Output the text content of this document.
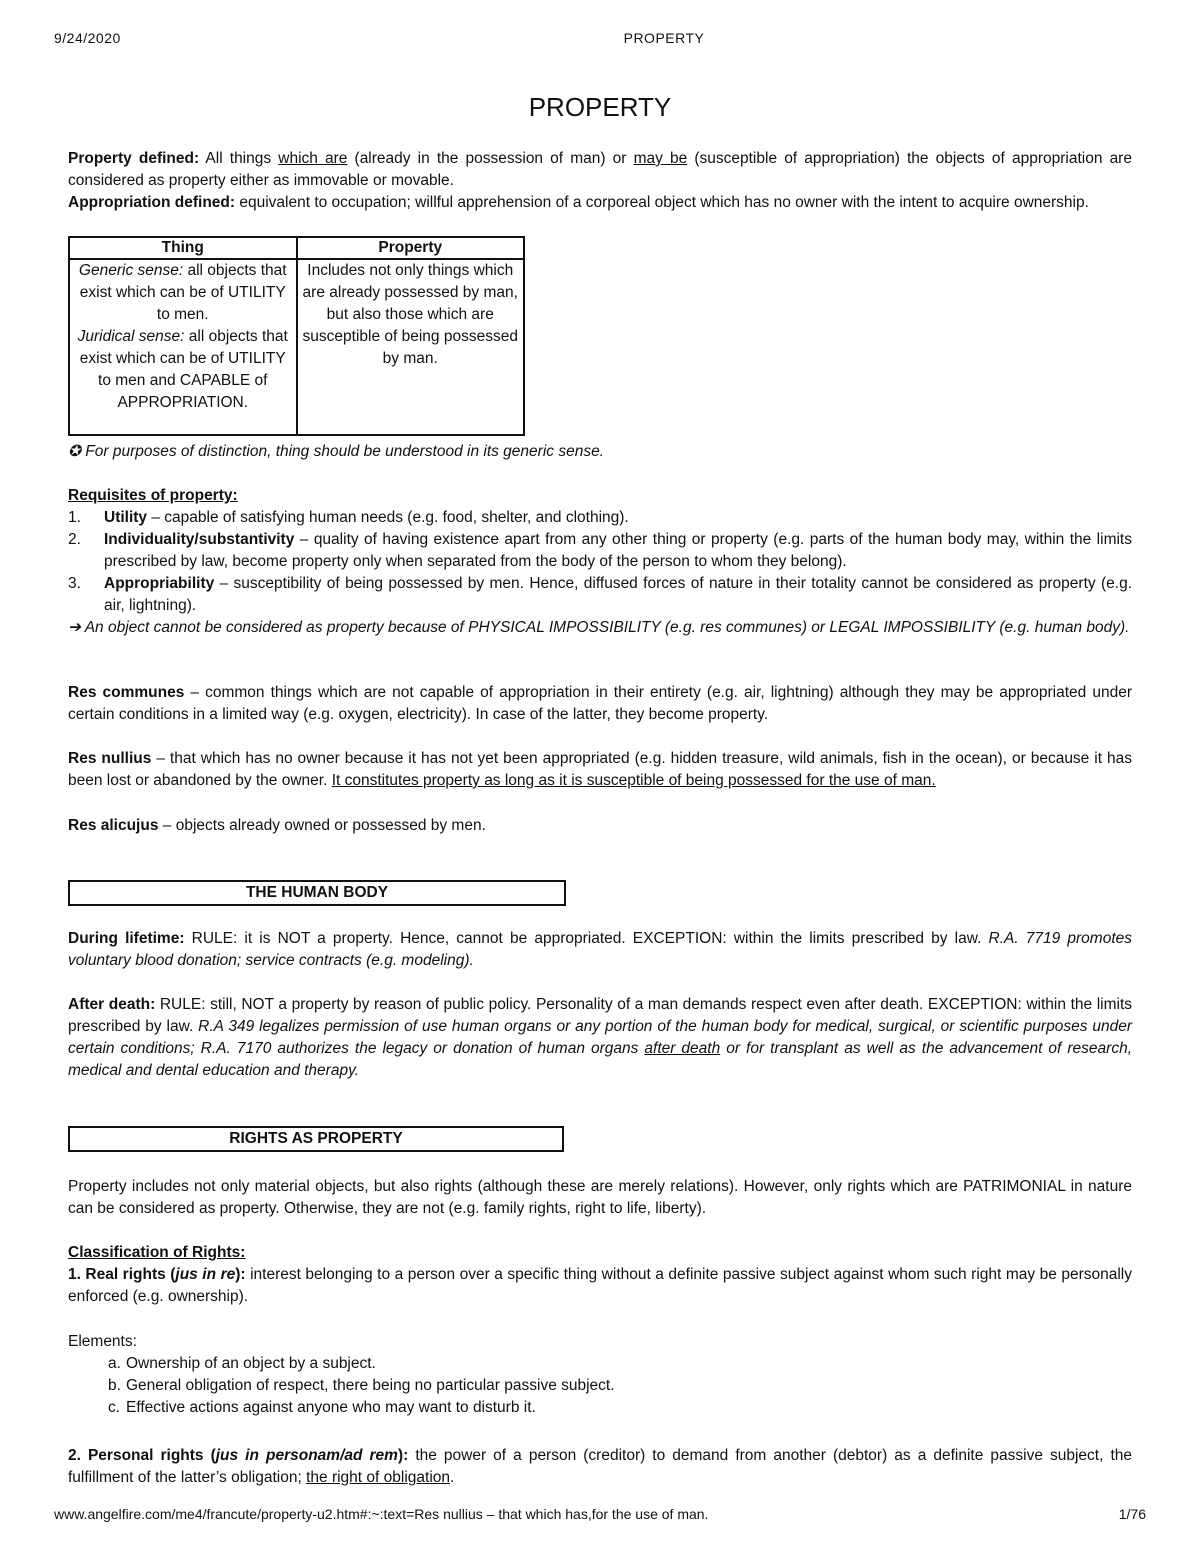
9/24/2020	PROPERTY
PROPERTY

Property defined: All things which are (already in the possession of man) or may be (susceptible of appropriation) the objects of appropriation are considered as property either as immovable or movable.

Appropriation defined: equivalent to occupation; willful apprehension of a corporeal object which has no owner with the intent to acquire ownership.

Thing	Property
Generic sense: all objects that exist which can be of UTILITY to men.
Juridical sense: all objects that exist which can be of UTILITY to men and CAPABLE of APPROPRIATION.	Includes not only things which are already possessed by man, but also those which are susceptible of being possessed by man.

✪ For purposes of distinction, thing should be understood in its generic sense.

Requisites of property:

1. Utility – capable of satisfying human needs (e.g. food, shelter, and clothing).
2. Individuality/substantivity – quality of having existence apart from any other thing or property (e.g. parts of the human body may, within the limits prescribed by law, become property only when separated from the body of the person to whom they belong).
3. Appropriability – susceptibility of being possessed by men. Hence, diffused forces of nature in their totality cannot be considered as property (e.g. air, lightning).

➔ An object cannot be considered as property because of PHYSICAL IMPOSSIBILITY (e.g. res communes) or LEGAL IMPOSSIBILITY (e.g. human body).

Res communes – common things which are not capable of appropriation in their entirety (e.g. air, lightning) although they may be appropriated under certain conditions in a limited way (e.g. oxygen, electricity). In case of the latter, they become property.

Res nullius – that which has no owner because it has not yet been appropriated (e.g. hidden treasure, wild animals, fish in the ocean), or because it has been lost or abandoned by the owner. It constitutes property as long as it is susceptible of being possessed for the use of man.

Res alicujus – objects already owned or possessed by men.

THE HUMAN BODY

During lifetime: RULE: it is NOT a property. Hence, cannot be appropriated. EXCEPTION: within the limits prescribed by law. R.A. 7719 promotes voluntary blood donation; service contracts (e.g. modeling).

After death: RULE: still, NOT a property by reason of public policy. Personality of a man demands respect even after death. EXCEPTION: within the limits prescribed by law. R.A 349 legalizes permission of use human organs or any portion of the human body for medical, surgical, or scientific purposes under certain conditions; R.A. 7170 authorizes the legacy or donation of human organs after death or for transplant as well as the advancement of research, medical and dental education and therapy.

RIGHTS AS PROPERTY

Property includes not only material objects, but also rights (although these are merely relations). However, only rights which are PATRIMONIAL in nature can be considered as property. Otherwise, they are not (e.g. family rights, right to life, liberty).

Classification of Rights:

1. Real rights (jus in re): interest belonging to a person over a specific thing without a definite passive subject against whom such right may be personally enforced (e.g. ownership).

Elements:

a. Ownership of an object by a subject.
b. General obligation of respect, there being no particular passive subject.
c. Effective actions against anyone who may want to disturb it.

2. Personal rights (jus in personam/ad rem): the power of a person (creditor) to demand from another (debtor) as a definite passive subject, the fulfillment of the latter’s obligation; the right of obligation.

www.angelfire.com/me4/francute/property-u2.htm#:~:text=Res nullius – that which has,for the use of man.	1/76
